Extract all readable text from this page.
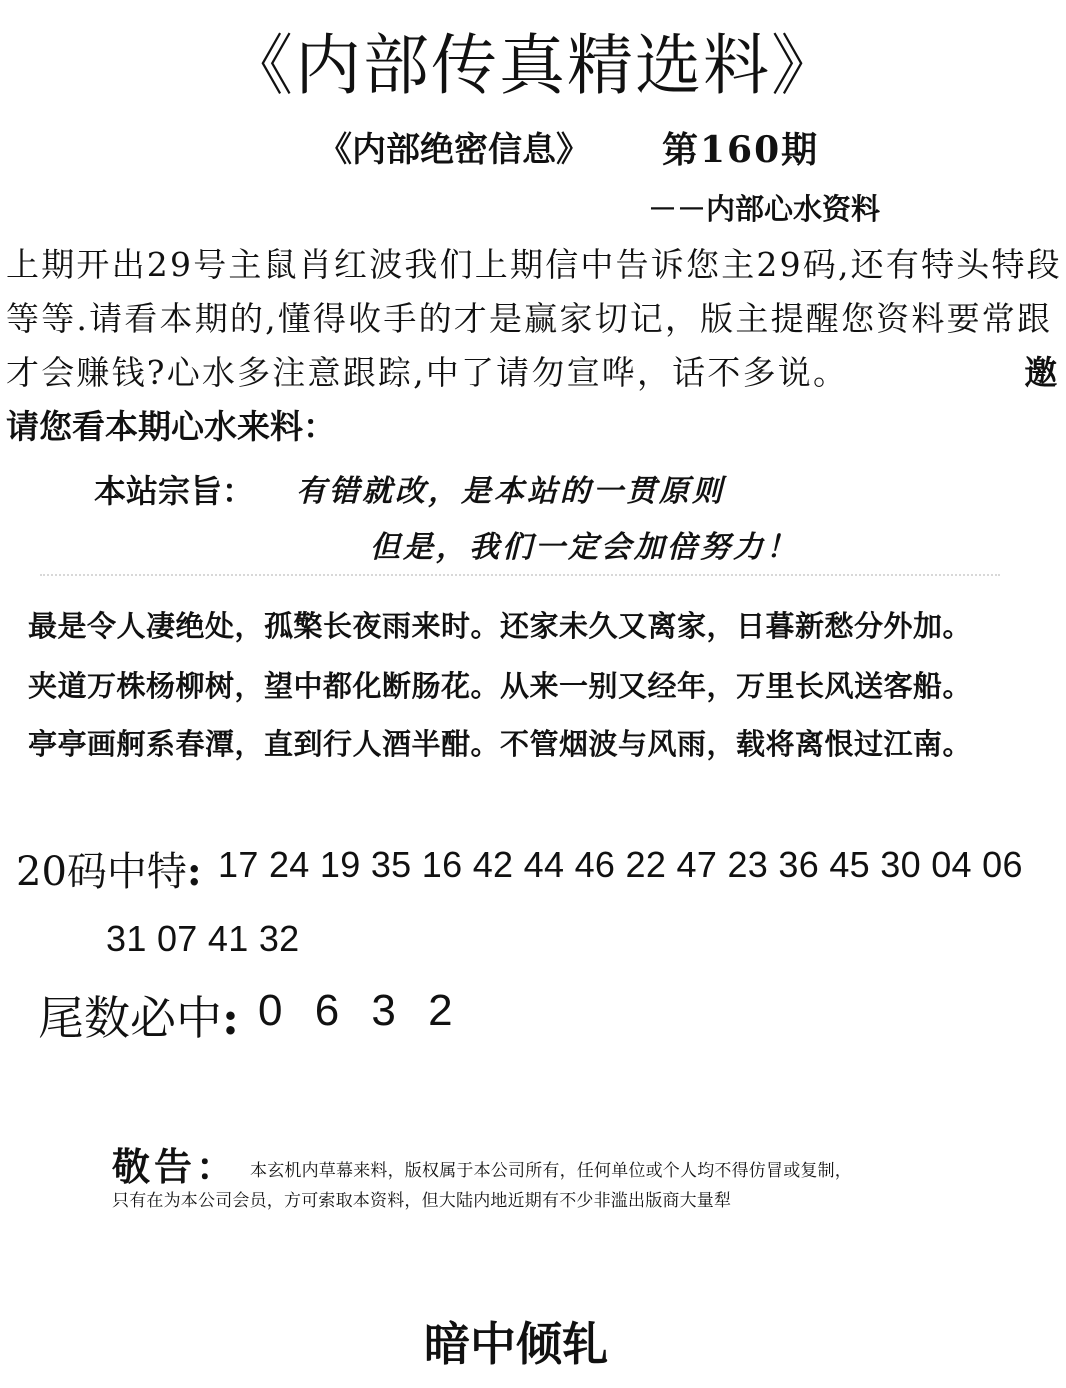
《内部传真精选料》
《内部绝密信息》 第160期
－－内部心水资料
上期开出29号主鼠肖红波我们上期信中告诉您主29码,还有特头特段等等.请看本期的,懂得收手的才是赢家切记，版主提醒您资料要常跟才会赚钱?心水多注意跟踪,中了请勿宣哗，话不多说。	邀请您看本期心水来料：
本站宗旨： 有错就改，是本站的一贯原则
但是，我们一定会加倍努力！
最是令人凄绝处，孤檠长夜雨来时。还家未久又离家，日暮新愁分外加。
夹道万株杨柳树，望中都化断肠花。从来一别又经年，万里长风送客船。
亭亭画舸系春潭，直到行人酒半酣。不管烟波与风雨，载将离恨过江南。
20码中特: 17 24 19 35 16 42 44 46 22 47 23 36 45 30 04 06
31 07 41 32
尾数必中: 0 6 3 2
敬告： 本玄机内草幕来料，版权属于本公司所有，任何单位或个人均不得仿冒或复制，
只有在为本公司会员，方可索取本资料，但大陆内地近期有不少非滥出版商大量犁
暗中倾轧
